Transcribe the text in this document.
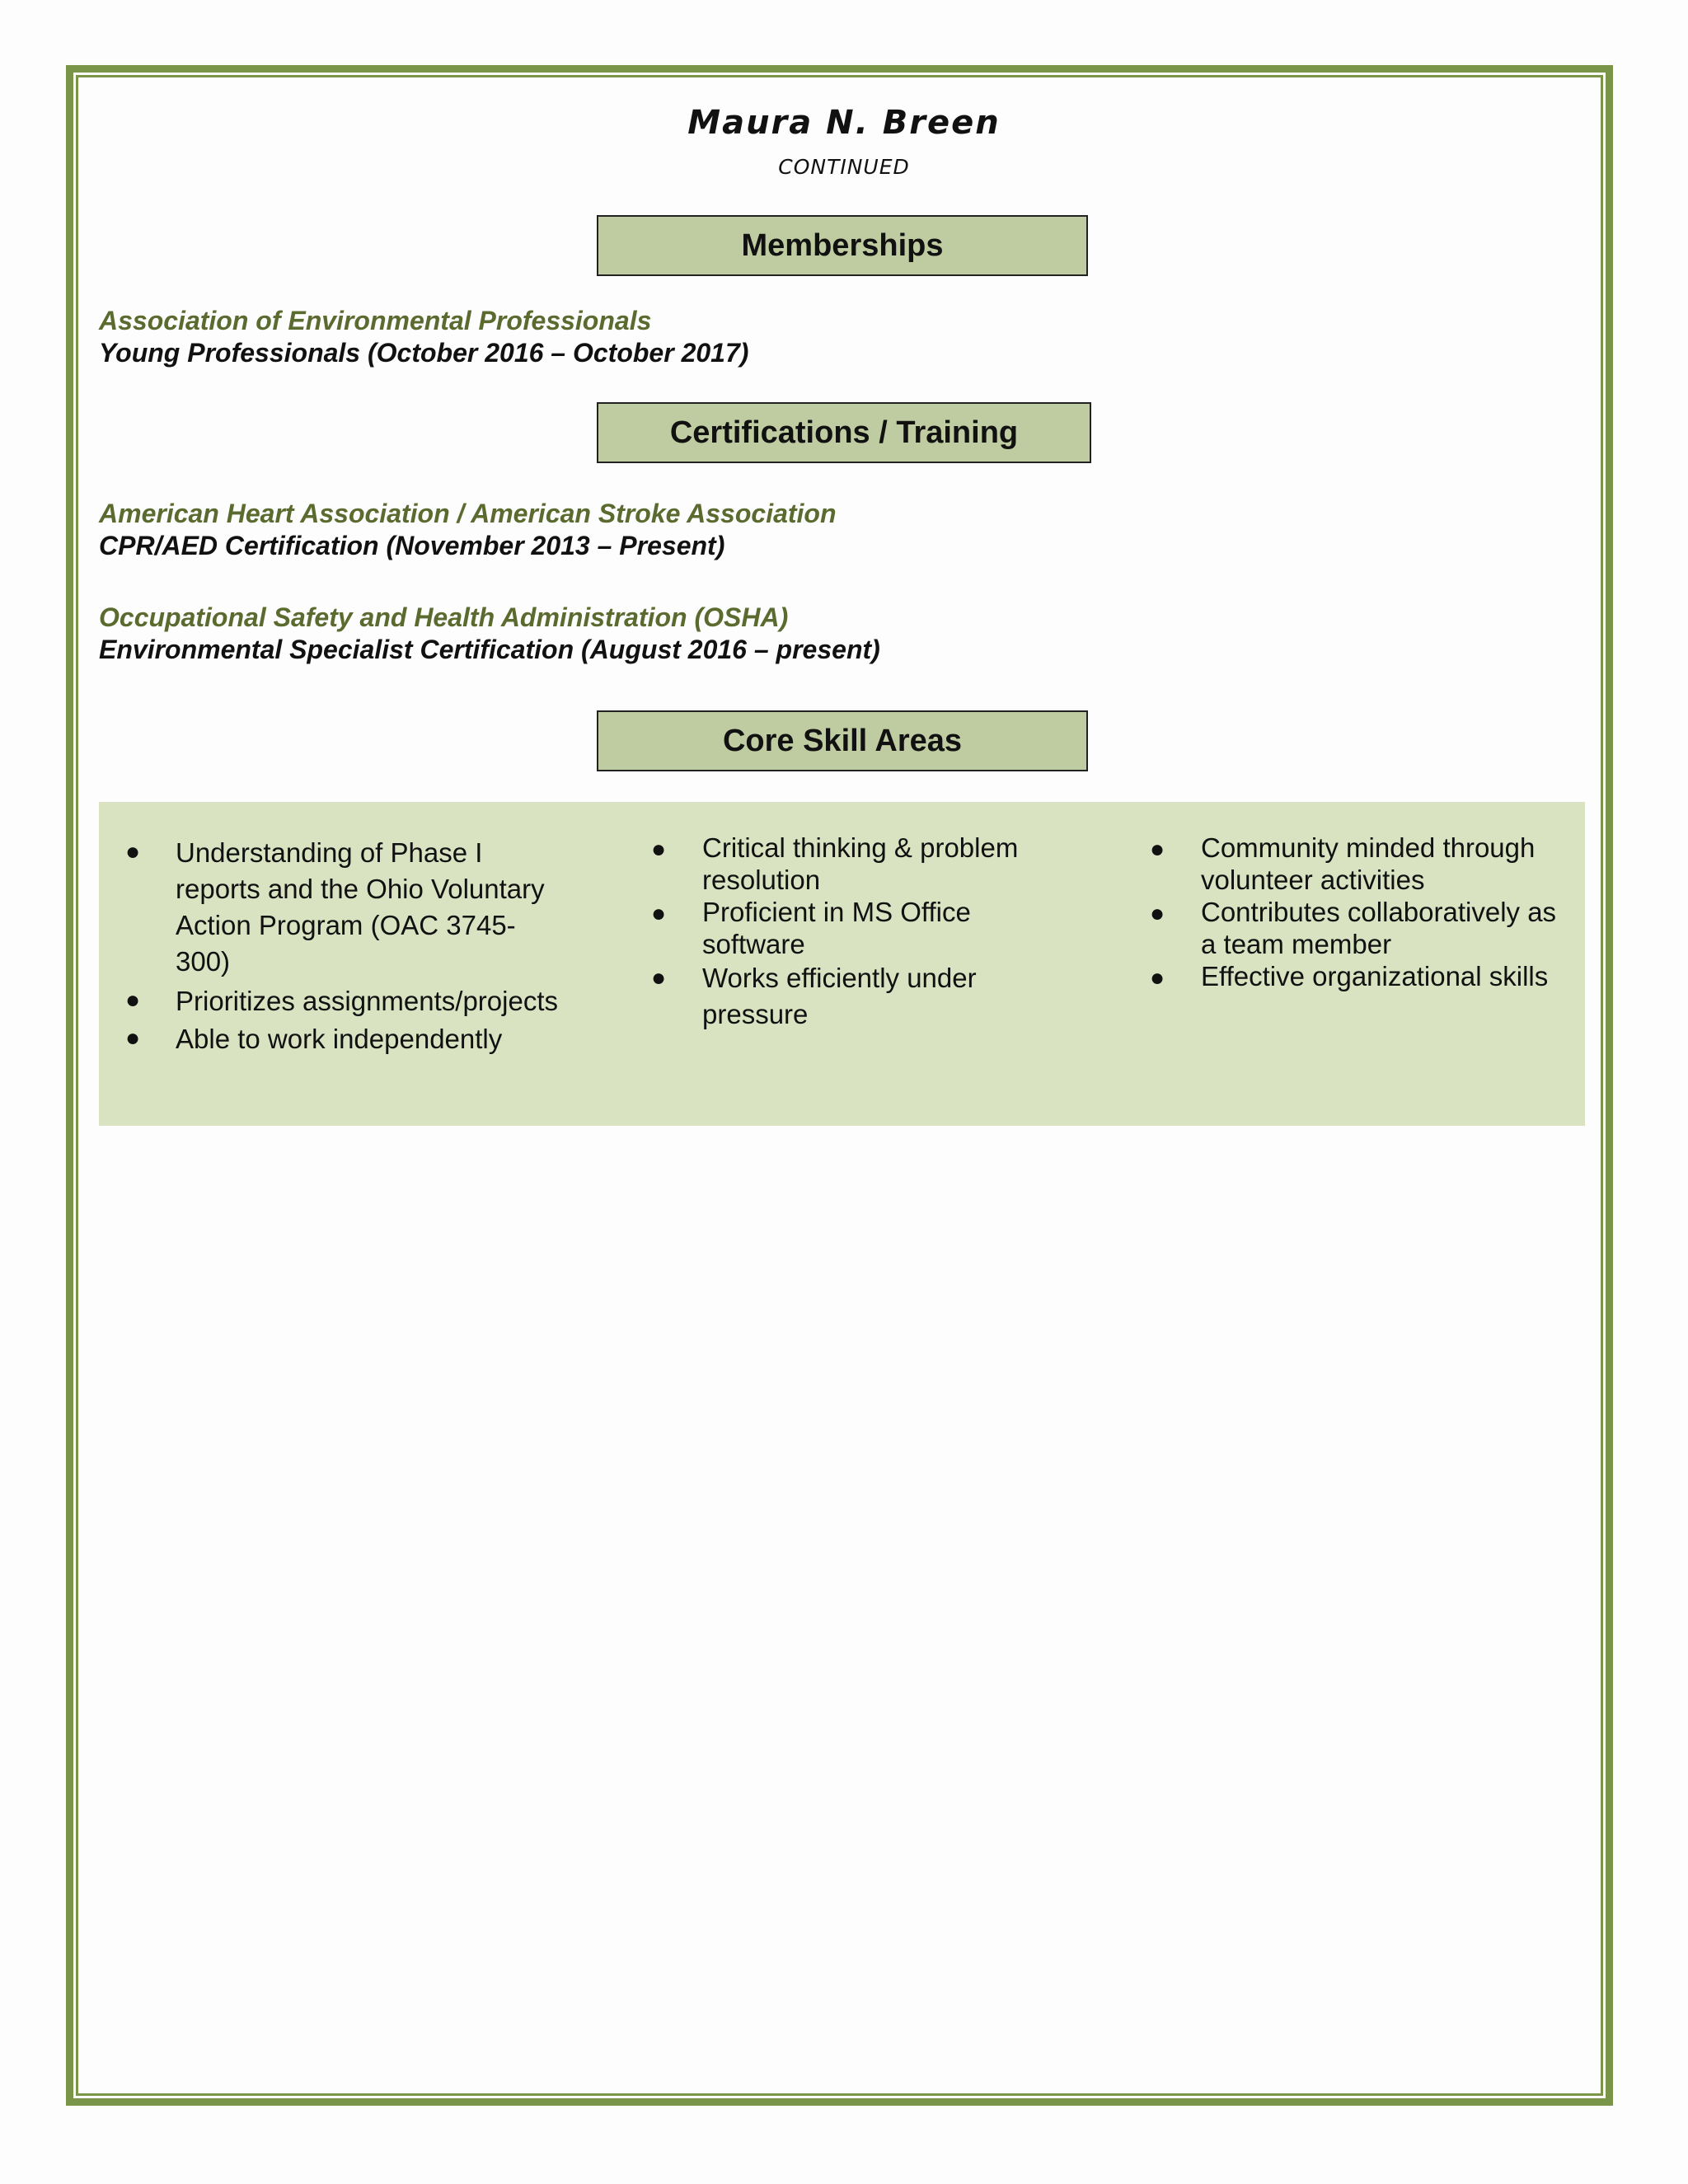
Maura N. Breen
CONTINUED
Memberships
Association of Environmental Professionals
Young Professionals (October 2016 – October 2017)
Certifications / Training
American Heart Association / American Stroke Association
CPR/AED Certification (November 2013 – Present)
Occupational Safety and Health Administration (OSHA)
Environmental Specialist Certification (August 2016 – present)
Core Skill Areas
● Understanding of Phase I
reports and the Ohio Voluntary
Action Program (OAC 3745-
300)
● Prioritizes assignments/projects
● Able to work independently
● Critical thinking & problem
resolution
● Proficient in MS Office
software
● Works efficiently under
pressure
● Community minded through
volunteer activities
● Contributes collaboratively as
a team member
● Effective organizational skills
